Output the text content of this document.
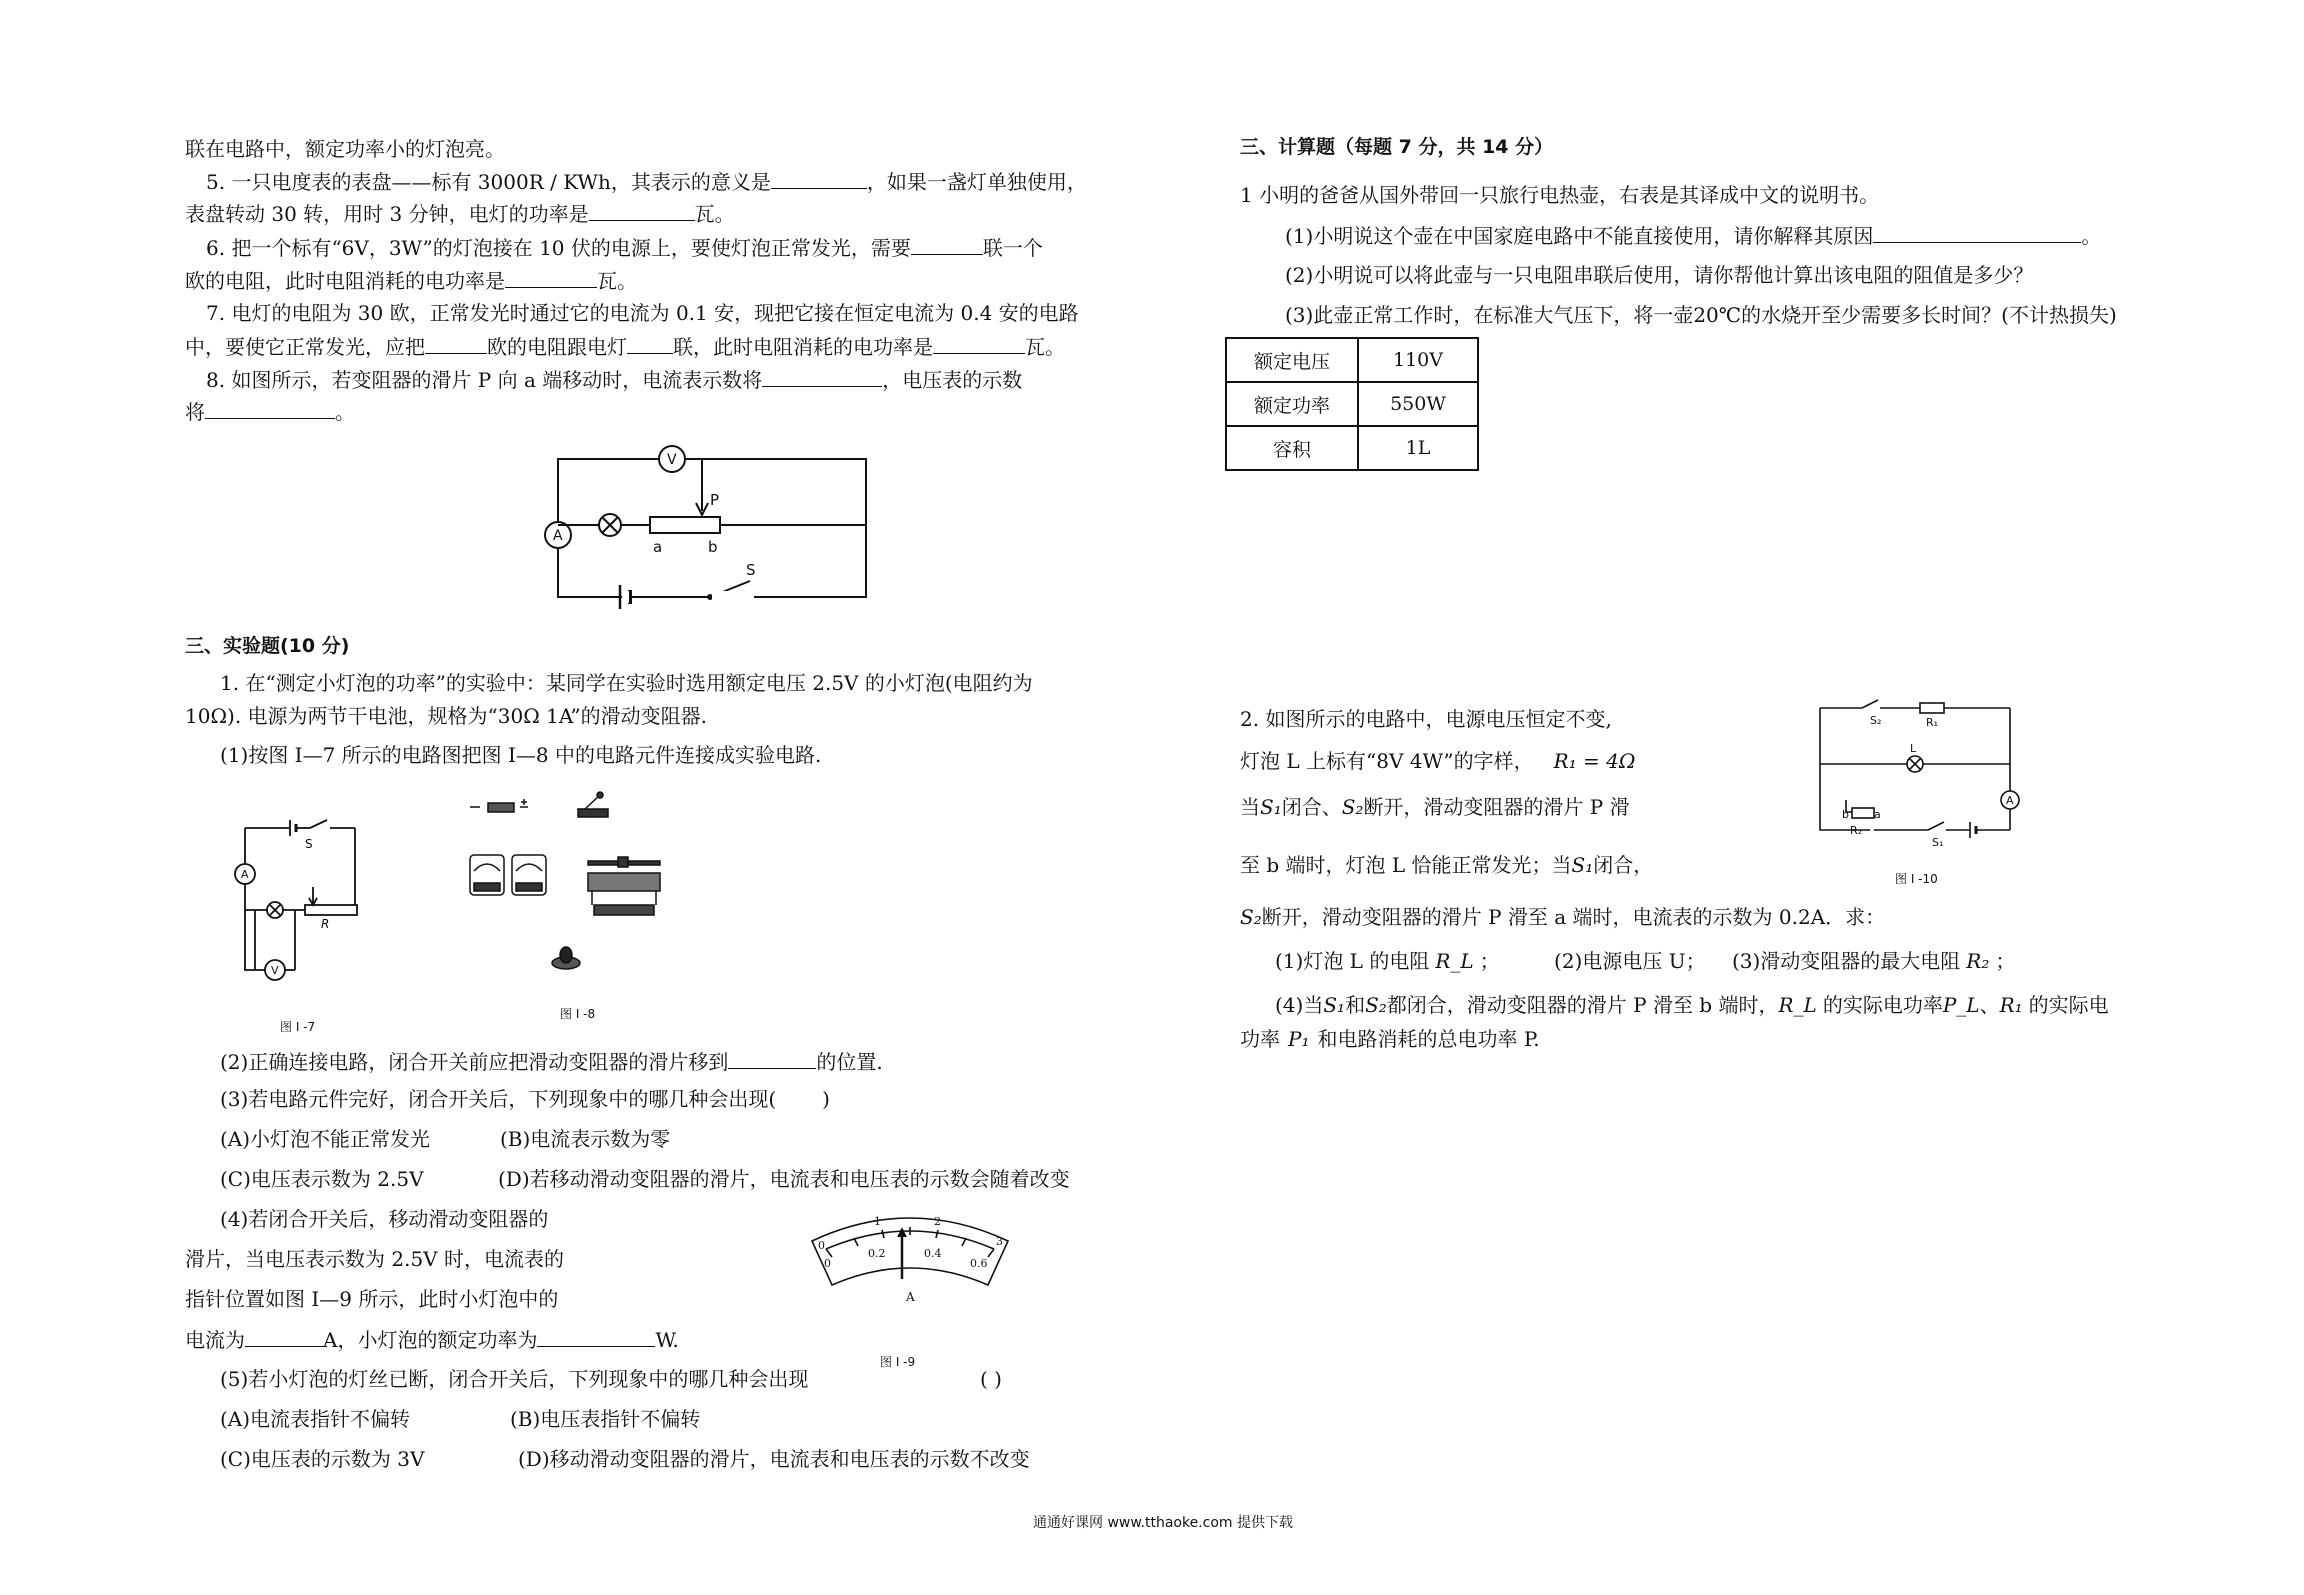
联在电路中，额定功率小的灯泡亮。
5. 一只电度表的表盘——标有 3000R / KWh，其表示的意义是	，如果一盏灯单独使用，
表盘转动 30 转，用时 3 分钟，电灯的功率是	瓦。
6. 把一个标有“6V，3W”的灯泡接在 10 伏的电源上，要使灯泡正常发光，需要	联一个
欧的电阻，此时电阻消耗的电功率是	瓦。
7. 电灯的电阻为 30 欧，正常发光时通过它的电流为 0.1 安，现把它接在恒定电流为 0.4 安的电路
中，要使它正常发光，应把	欧的电阻跟电灯 联，此时电阻消耗的电功率是	瓦。
8. 如图所示，若变阻器的滑片 P 向 a 端移动时，电流表示数将	，电压表的示数
将	。
V
A
P
a	b
S
三、实验题(10 分)
1. 在“测定小灯泡的功率”的实验中：某同学在实验时选用额定电压 2.5V 的小灯泡(电阻约为
10Ω). 电源为两节干电池，规格为“30Ω 1A”的滑动变阻器.
(1)按图 I—7 所示的电路图把图 I—8 中的电路元件连接成实验电路.
S
A
V
R
图 I -7
图 I -8
(2)正确连接电路，闭合开关前应把滑动变阻器的滑片移到	的位置.
(3)若电路元件完好，闭合开关后，下列现象中的哪几种会出现( )
(A)小灯泡不能正常发光	(B)电流表示数为零
(C)电压表示数为 2.5V	(D)若移动滑动变阻器的滑片，电流表和电压表的示数会随着改变
(4)若闭合开关后，移动滑动变阻器的
滑片，当电压表示数为 2.5V 时，电流表的
指针位置如图 I—9 所示，此时小灯泡中的
电流为	A，小灯泡的额定功率为	W.
0
1	2
3
0
0.2	0.4
0.6
A
图 I -9
(5)若小灯泡的灯丝已断，闭合开关后，下列现象中的哪几种会出现	( )
(A)电流表指针不偏转	(B)电压表指针不偏转
(C)电压表的示数为 3V	(D)移动滑动变阻器的滑片，电流表和电压表的示数不改变
三、计算题（每题 7 分，共 14 分）
1 小明的爸爸从国外带回一只旅行电热壶，右表是其译成中文的说明书。
(1)小明说这个壶在中国家庭电路中不能直接使用，请你解释其原因	。
(2)小明说可以将此壶与一只电阻串联后使用，请你帮他计算出该电阻的阻值是多少？
(3)此壶正常工作时，在标准大气压下，将一壶20℃的水烧开至少需要多长时间？(不计热损失)
额定电压	110V
额定功率	550W
容积	1L
2. 如图所示的电路中，电源电压恒定不变,
灯泡 L 上标有“8V 4W”的字样， R₁ = 4Ω
当S₁闭合、S₂断开，滑动变阻器的滑片 P 滑
至 b 端时，灯泡 L 恰能正常发光；当S₁闭合，
S₂断开，滑动变阻器的滑片 P 滑至 a 端时，电流表的示数为 0.2A．求：
(1)灯泡 L 的电阻 R_L ；	(2)电源电压 U； (3)滑动变阻器的最大电阻 R₂ ；
(4)当S₁和S₂都闭合，滑动变阻器的滑片 P 滑至 b 端时，R_L 的实际电功率P_L、R₁ 的实际电
功率 P₁ 和电路消耗的总电功率 P.
S₂	R₁
L
A
S₁
R₂
b a
图 I -10
通通好课网 www.tthaoke.com 提供下载
